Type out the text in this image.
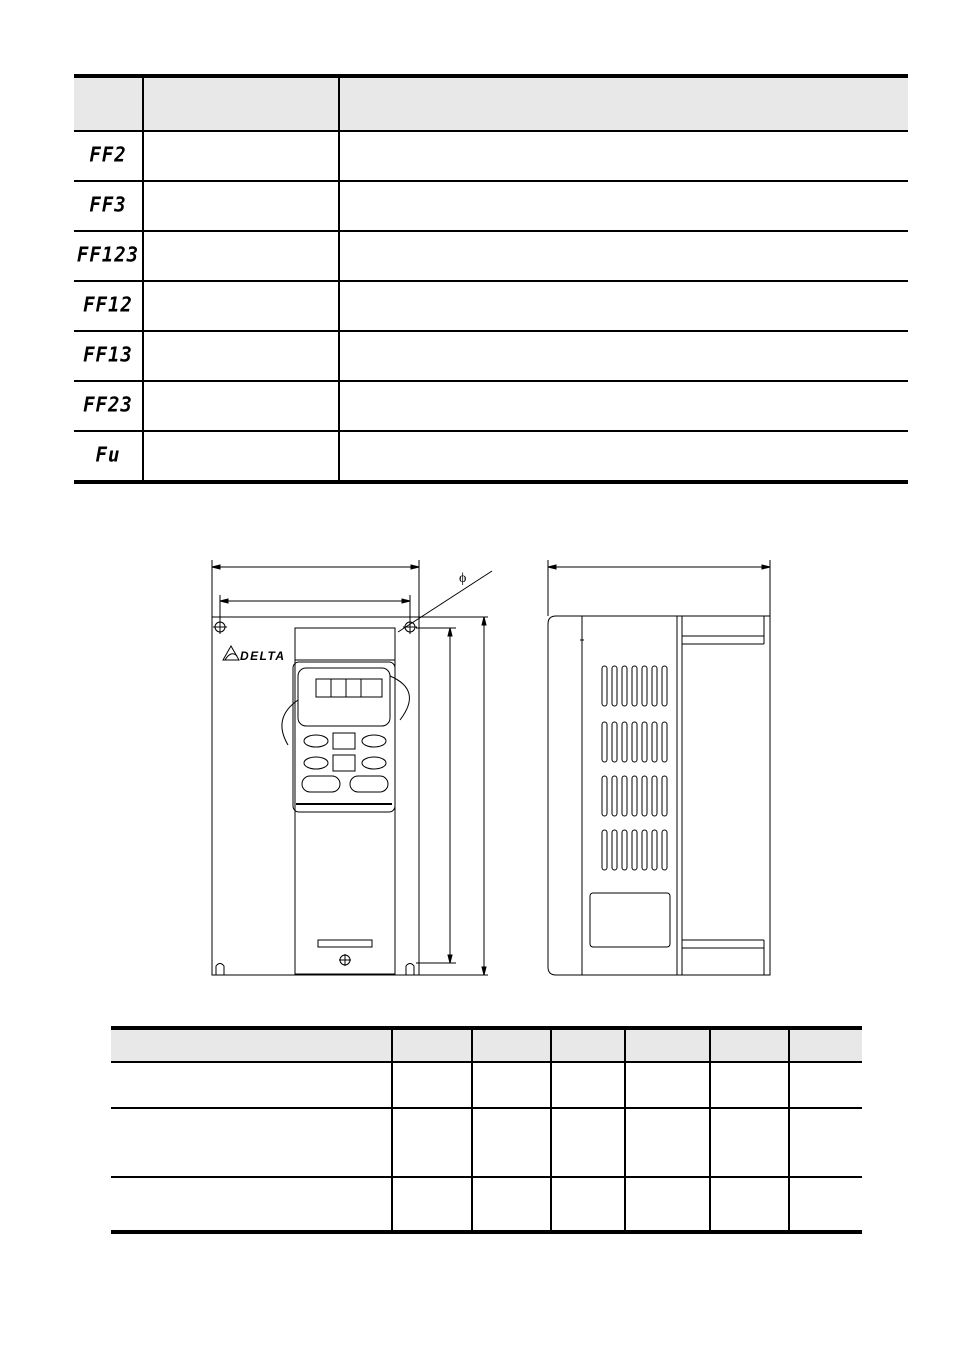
FF2		
FF3		
FF123		
FF12		
FF13		
FF23		
Fu		
ϕ
DELTA
